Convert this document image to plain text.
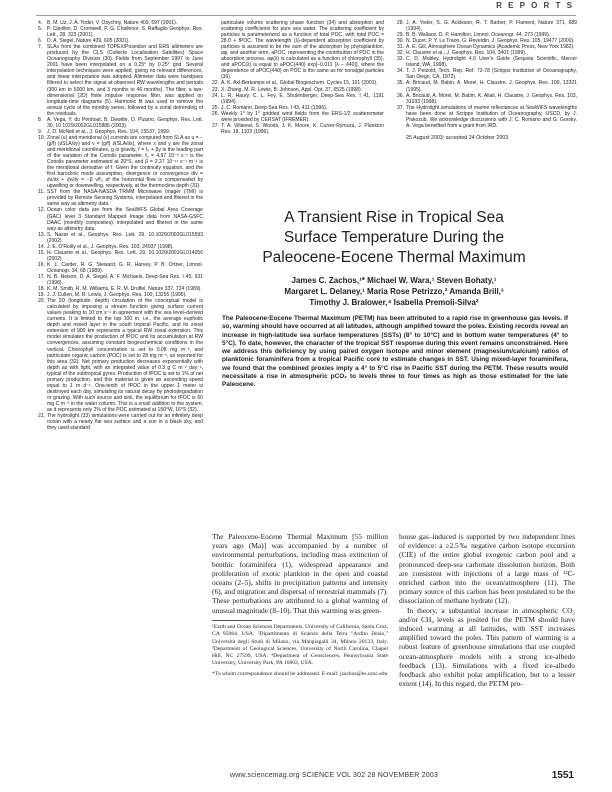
R E P O R T S
4. B. M. Uz, J. A. Yoder, V. Osychny, Nature 409, 597 (2001).
5. P. Cipollini, D. Cromwell, P. G. Challenor, S. Raffaglio Geophys. Res. Lett., 28, 323 (2001).
6. D. A. Siegel, Nature 409, 605 (2001).
7. SLAs from the combined TOPEX/Poseidon and ERS altimeters are produced by the CLS (Collecte Localisation Satellites) Space Oceanography Division (30). Fields from September 1997 to June 2001 have been interpolated on a 0.25° by 0.25° grid. Several interpolation techniques were applied, giving no relevant differences, and linear interpolation was adopted. Altimeter data were bandpass filtered to select the signal at observed RW wavelengths and periods (300 km to 5000 km, and 3 months to 46 months). The filter, a two-dimensional (2D) finite impulse response filter, was applied on longitude-time diagrams (5). Harmonic fit was used to remove the annual cycle of the monthly series, followed by a zonal detrending of the residuals.
8. A. Vega, Y. du Penhoat, B. Dewitte, O. Pizarro, Geophys. Res. Lett. 30, 10.1029/2002GL015886 (2003).
9. J. D. McNeil et al., J. Geophys. Res. 104, 15537, 1999.
10. Zonal (u) and meridional (v) currents are computed from SLA as u = −(g/f) (∂SLA/∂y) and v = (g/f) ∂(SLA/∂x), where x and y are the zonal and meridional coordinates, g is gravity, f = f₀ + βy is the leading part of the variation of the Coriolis parameter, f₀ = 4.97 10⁻⁵ s⁻¹ is the Coriolis parameter estimated at 20°S, and β = 2.27 10⁻¹¹ s⁻¹ m⁻¹ is the meridional derivative of f. Given the continuity equation, and the first baroclinic mode assumption, divergence or convergence div = ∂u/∂x + ∂v/∂y = −β v/f₀ of the horizontal flow is compensated by upwelling or downwelling, respectively, at the thermocline depth (31).
11. SST from the NASA-NASDA TRMM Microwave Imager (TMI) is provided by Remote Sensing Systems, interpolated and filtered in the same way as altimetry data.
12. Ocean color data are from the SeaWiFS Global Area Coverage (GAC) level 3 Standard Mapped Image data from NASA-GSFC DAAC (monthly composites), interpolated and filtered in the same way as altimetry data.
13. S. Nasar et al., Geophys. Res. Lett. 29, 10.1029/2002GL015593 (2002).
14. J. E. O'Reilly et al., J. Geophys. Res. 103, 24937 (1998).
15. H. Claustre et al., Geophys. Res. Lett. 29, 10.1029/2001GL014056 (2002).
16. K. L. Carder, R. G. Steward, G. R. Harvey, P. B. Ortner, Limnol. Oceanogr. 34, 68 (1989).
17. N. B. Nelson, D. A. Siegel, A. F. Michaels, Deep-Sea Res. I 45, 931 (1998).
18. K. M. Smith, R. M. Williams, E. R. M. Druffel, Nature 337, 724 (1989).
19. J. J. Cullen, M. R. Lewis, J. Geophys. Res. 100, 13255 (1995).
20. The 2D (longitude, depth) circulation of the conceptual model is calculated by imposing a stream function giving surface current values peaking to 10 cm s⁻¹ in agreement with the sea level–derived currents. It is limited to the top 100 m, i.e., the average euphotic depth and mixed layer in the south tropical Pacific, and its zonal extension of 900 km represents a typical RW zonal extension. This model simulates the production of fPOC and its accumulation at RW convergences, assuming constant biogeochemical conditions in the vertical. Chlorophyll concentration is set to 0.08 mg m⁻³, and particulate organic carbon (POC) is set to 28 mg m⁻³, as reported for this area (32). Net primary production decreases exponentially with depth as with light, with an integrated value of 0.3 g C m⁻² day⁻¹, typical of the subtropical gyres. Production of fPOC is set to 1% of net primary production, and this material is given an ascending speed equal to 1 m d⁻¹. One-tenth of fPOC in the upper 1 meter is destroyed each day, simulating its natural decay by photodegradation or grazing. With such source and sink, the equilibrium for fPOC is 60 mg C m⁻³ in the water column. This is a small addition to the system, as it represents only 2% of the POC estimated at 150°W, 16°S (32).
21. The hydrolight (33) simulations were carried out for an infinitely deep ocean with a nearly flat sea surface and a sun in a black sky, and they used standard
particulate volume scattering phase function (34) and absorption and scattering coefficients for pure sea water. The scattering coefficient by particles is parameterized as a function of total POC, with total POC = 28.0 + fPOC. The wavelength (λ)-dependent absorption coefficient by particles is assumed to be the sum of the absorption by phytoplankton, aφ, and another term, aPOC, representing the contribution of POC in the absorption process. aφ(λ) is calculated as a function of chlorophyll (35), and aPOC(λ) is equal to aPOC(440) exp[−0.011 (λ − 440)], where the dependence of aPOC(440) on POC is the same as for nonalgal particles (36).
22. A. K. Axl-Berkampe et al., Global Biogeochem. Cycles 15, 101 (2001).
23. X. Zhang, M. R. Lewis, B. Johnson, Appl. Opt. 37, 6525 (1998).
24. L. R. Haury, C. L. Fey, E. Shulenberger, Deep-Sea Res. I 41, 1191 (1994).
25. J. C. Romano, Deep-Sea Res. I 43, 411 (1996).
26. Weekly 1° by 1° gridded wind fields from the ERS-1/2 scatterometer were provided by CERSAT (IFREMER).
27. T. A. Villareal, S. Woods, J. K. Moore, K. Culver-Rymsza, J. Plankton Res. 18, 1103 (1996).
28. J. A. Yoder, S. G. Ackleson, R. T. Barber, P. Flament, Nature 371, 689 (1994).
29. B. B. Wallace, D. P. Hamilton, Limnol. Oceanogr. 44, 273 (1999).
30. N. Ducet, P. Y. Le Traon, G. Reverdin, J. Geophys. Res. 105, 19477 (2000).
31. A. E. Gill, Atmosphere Ocean Dynamics (Academic Press, New York 1982).
32. H. Claustre et al., J. Geophys. Res. 104, 3401 (1999).
33. C. D. Mobley, Hydrolight 4.0 User's Guide (Sequoia Scientific, Mercer Island, WA, 1998).
34. T. J. Petzold, Tech. Rep. Ref. 72-78 (Scripps Institution of Oceanography, San Diego, CA, 1972).
35. A. Bricaud, M. Babin, A. Morel, H. Claustre, J. Geophys. Res. 100, 13321 (1995).
36. A. Bricaud, A. Morel, M. Babin, K. Allali, H. Claustre, J. Geophys. Res. 103, 31033 (1998).
37. The Hydrolight simulations of marine reflectances at SeaWiFS wavelengths have been done at Scripps Institution of Oceanography, USCD, by J. Piskozub. We acknowledge discussions with J. C. Romano and G. Gorsky. A. Vega benefited from a grant from IRD.
25 August 2003; accepted 24 October 2003
A Transient Rise in Tropical Sea
Surface Temperature During the
Paleocene-Eocene Thermal Maximum
James C. Zachos,¹* Michael W. Wara,¹ Steven Bohaty,¹
Margaret L. Delaney,¹ Maria Rose Petrizzo,² Amanda Brill,³
Timothy J. Bralower,⁴ Isabella Premoli-Silva²

The Paleocene-Eocene Thermal Maximum (PETM) has been attributed to a rapid rise in greenhouse gas levels. If so, warming should have occurred at all latitudes, although amplified toward the poles. Existing records reveal an increase in high-latitude sea surface temperatures (SSTs) (8° to 10°C) and in bottom water temperatures (4° to 5°C). To date, however, the character of the tropical SST response during this event remains unconstrained. Here we address this deficiency by using paired oxygen isotope and minor element (magnesium/calcium) ratios of planktonic foraminifera from a tropical Pacific core to estimate changes in SST. Using mixed-layer foraminifera, we found that the combined proxies imply a 4° to 5°C rise in Pacific SST during the PETM. These results would necessitate a rise in atmospheric pCO₂ to levels three to four times as high as those estimated for the late Paleocene.

The Paleocene-Eocene Thermal Maximum [55 million years ago (Ma)] was accompanied by a number of environmental perturbations, including mass extinction of benthic foraminifera (1), widespread appearance and proliferation of exotic plankton in the open and coastal oceans (2–5), shifts in precipitation patterns and intensity (6), and migration and dispersal of terrestrial mammals (7). These perturbations are attributed to a global warming of unusual magnitude (8–10). That this warming was green-

¹Earth and Ocean Sciences Departments, University of California, Santa Cruz, CA 95064, USA. ²Dipartimento di Scienze della Terra "Ardito Desio," Università degli Studi di Milano, via Mangiagalli 34, Milano 20133, Italy. ³Department of Geological Sciences, University of North Carolina, Chapel Hill, NC 27599, USA. ⁴Department of Geosciences, Pennsylvania State University, University Park, PA 16802, USA.

*To whom correspondence should be addressed. E-mail: jzachos@es.ucsc.edu

house gas–induced is supported by two independent lines of evidence: a ≥2.5‰ negative carbon isotope excursion (CIE) of the entire global exogenic carbon pool and a pronounced deep-sea carbonate dissolution horizon. Both are consistent with injections of a large mass of ¹²C-enriched carbon into the ocean/atmosphere (11). The primary source of this carbon has been postulated to be the dissociation of methane hydrate (12).

In theory, a substantial increase in atmospheric CO₂ and/or CH₄ levels as posited for the PETM should have induced warming at all latitudes, with SST increases amplified toward the poles. This pattern of warming is a robust feature of greenhouse simulations that use coupled ocean-atmosphere models with a strong ice-albedo feedback (13). Simulations with a fixed ice-albedo feedback also exhibit polar amplification, but to a lesser extent (14). In this regard, the PETM pro-

www.sciencemag.org SCIENCE VOL 302 28 NOVEMBER 2003	1551
